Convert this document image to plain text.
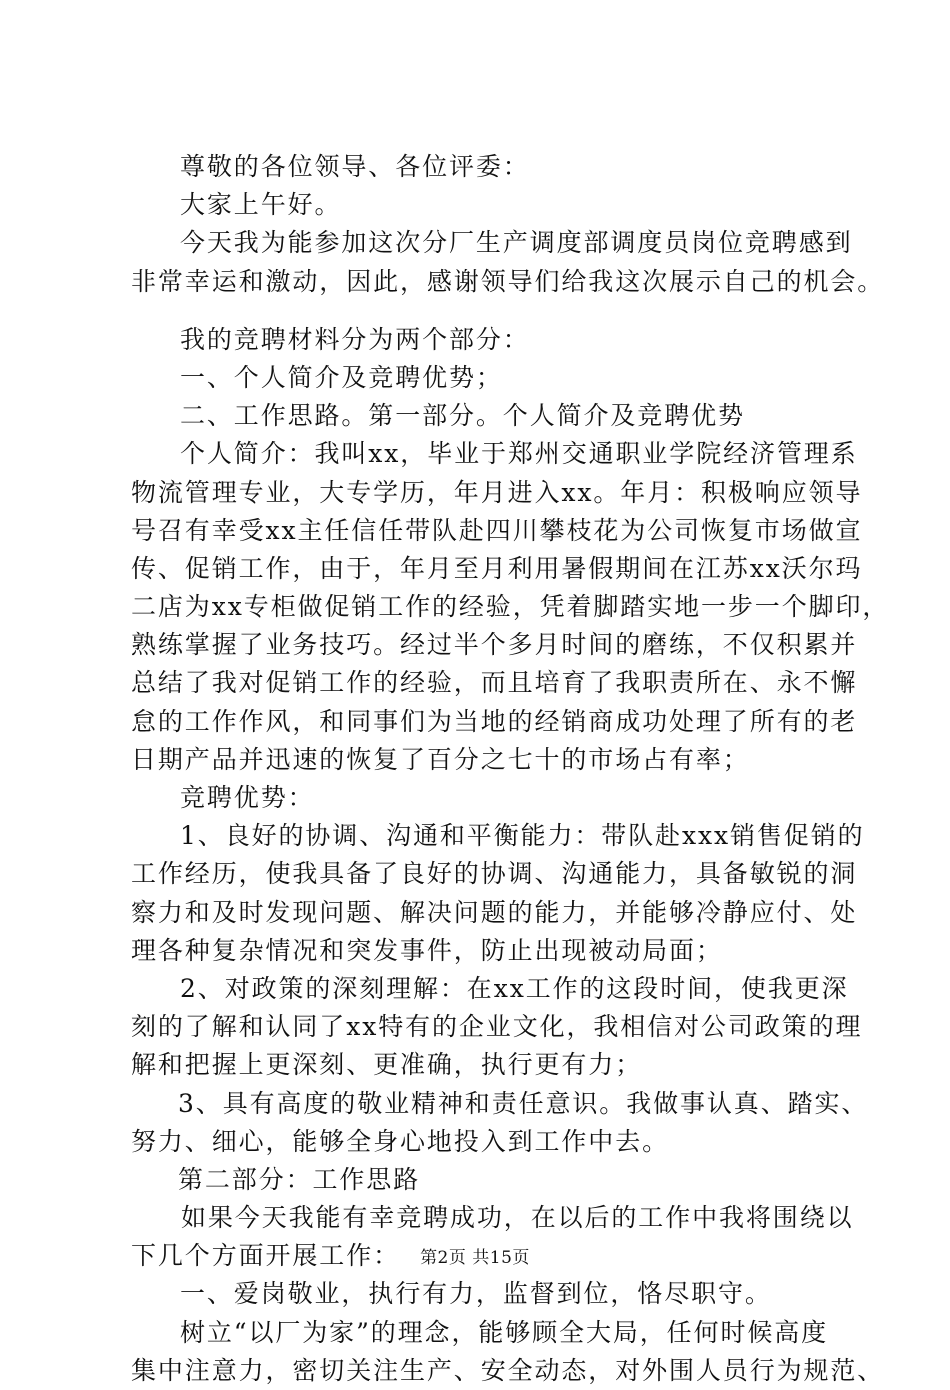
尊敬的各位领导、各位评委：
大家上午好。
今天我为能参加这次分厂生产调度部调度员岗位竞聘感到
非常幸运和激动，因此，感谢领导们给我这次展示自己的机会。
我的竞聘材料分为两个部分：
一、个人简介及竞聘优势；
二、工作思路。第一部分。个人简介及竞聘优势
个人简介：我叫xx，毕业于郑州交通职业学院经济管理系
物流管理专业，大专学历，年月进入xx。年月：积极响应领导
号召有幸受xx主任信任带队赴四川攀枝花为公司恢复市场做宣
传、促销工作，由于，年月至月利用暑假期间在江苏xx沃尔玛
二店为xx专柜做促销工作的经验，凭着脚踏实地一步一个脚印，
熟练掌握了业务技巧。经过半个多月时间的磨练，不仅积累并
总结了我对促销工作的经验，而且培育了我职责所在、永不懈
怠的工作作风，和同事们为当地的经销商成功处理了所有的老
日期产品并迅速的恢复了百分之七十的市场占有率；
竞聘优势：
1、良好的协调、沟通和平衡能力：带队赴xxx销售促销的
工作经历，使我具备了良好的协调、沟通能力，具备敏锐的洞
察力和及时发现问题、解决问题的能力，并能够冷静应付、处
理各种复杂情况和突发事件，防止出现被动局面；
2、对政策的深刻理解：在xx工作的这段时间，使我更深
刻的了解和认同了xx特有的企业文化，我相信对公司政策的理
解和把握上更深刻、更准确，执行更有力；
3、具有高度的敬业精神和责任意识。我做事认真、踏实、
努力、细心，能够全身心地投入到工作中去。
第二部分：工作思路
如果今天我能有幸竞聘成功，在以后的工作中我将围绕以
下几个方面开展工作：
一、爱岗敬业，执行有力，监督到位，恪尽职守。
树立“以厂为家”的理念，能够顾全大局，任何时候高度
集中注意力，密切关注生产、安全动态，对外围人员行为规范、
第2页 共15页
